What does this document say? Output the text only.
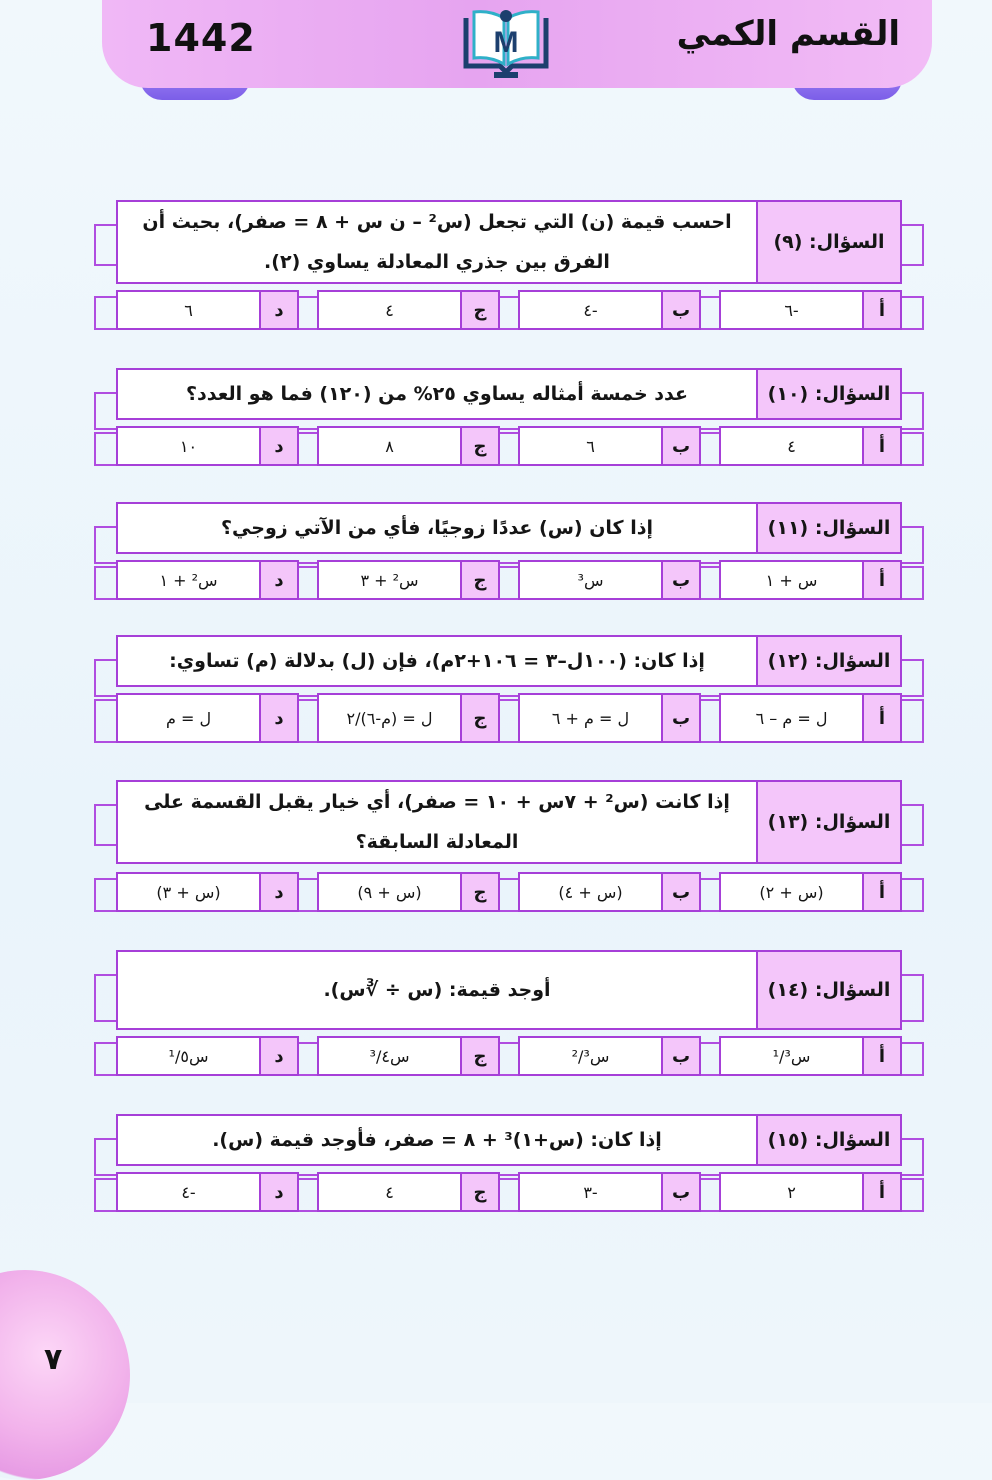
1442	القسم الكمي
M
السؤال: (٩)
احسب قيمة (ن) التي تجعل (س² – ن س + ٨ = صفر)، بحيث أن الفرق بين جذري المعادلة يساوي (٢).
أ
-٦
ب
-٤
ج
٤
د
٦
السؤال: (١٠)
عدد خمسة أمثاله يساوي ٢٥% من (١٢٠) فما هو العدد؟
أ
٤
ب
٦
ج
٨
د
١٠
السؤال: (١١)
إذا كان (س) عددًا زوجيًا، فأي من الآتي زوجي؟
أ
س + ١
ب
س³
ج
س² + ٣
د
س² + ١
السؤال: (١٢)
إذا كان: (١٠٠ل–٣ = ١٠٦+٢م)، فإن (ل) بدلالة (م) تساوي:
أ
ل = م – ٦
ب
ل = م + ٦
ج
ل = (م-٦)/٢
د
ل = م
السؤال: (١٣)
إذا كانت (س² + ٧س + ١٠ = صفر)، أي خيار يقبل القسمة على المعادلة السابقة؟
أ
(س + ٢)
ب
(س + ٤)
ج
(س + ٩)
د
(س + ٣)
السؤال: (١٤)
أوجد قيمة: (س ÷ ∛س).
أ
س¹/³
ب
س²/³
ج
س³/٤
د
س¹/٥
السؤال: (١٥)
إذا كان: (س+١)³ + ٨ = صفر، فأوجد قيمة (س).
أ
٢
ب
-٣
ج
٤
د
-٤
٧
